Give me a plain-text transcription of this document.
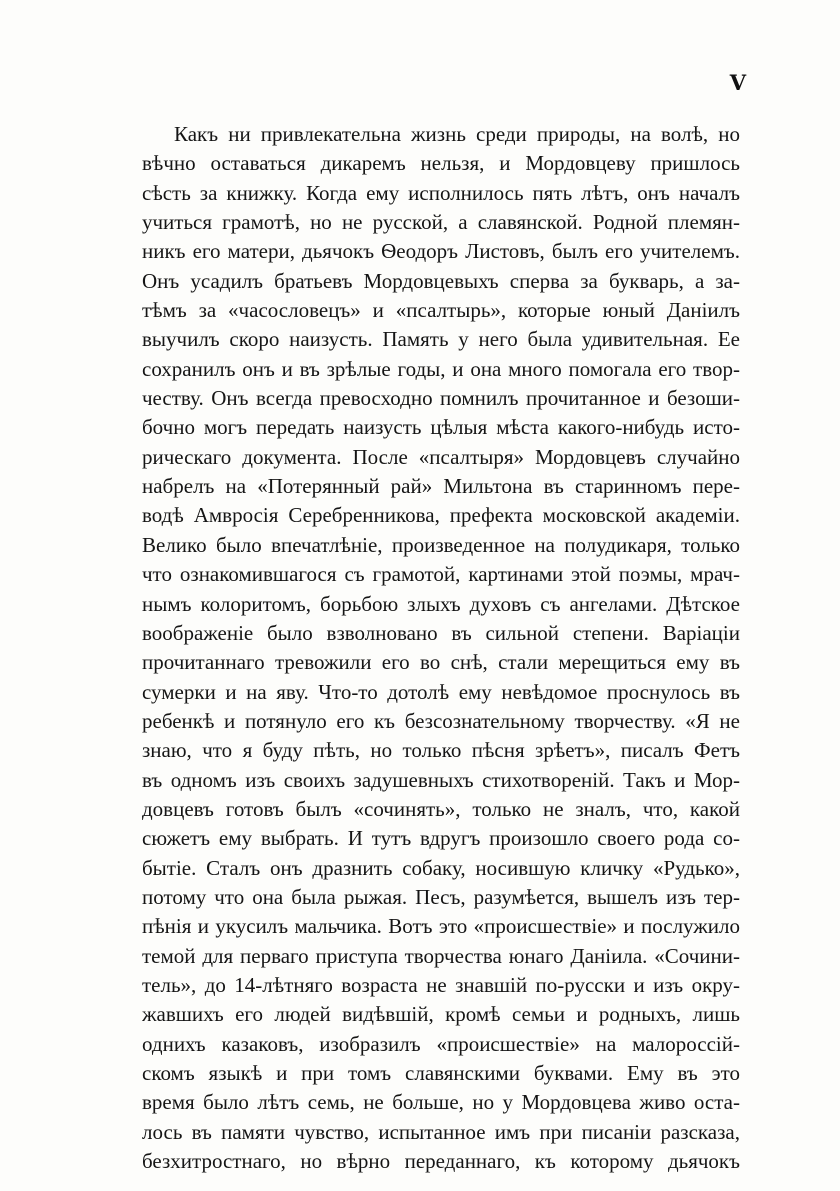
V
Какъ ни привлекательна жизнь среди природы, на волѣ, но
вѣчно оставаться дикаремъ нельзя, и Мордовцеву пришлось
сѣсть за книжку. Когда ему исполнилось пять лѣтъ, онъ началъ
учиться грамотѣ, но не русской, а славянской. Родной племян-
никъ его матери, дьячокъ Ѳеодоръ Листовъ, былъ его учителемъ.
Онъ усадилъ братьевъ Мордовцевыхъ сперва за букварь, а за-
тѣмъ за «часословецъ» и «псалтырь», которые юный Даніилъ
выучилъ скоро наизусть. Память у него была удивительная. Ее
сохранилъ онъ и въ зрѣлые годы, и она много помогала его твор-
честву. Онъ всегда превосходно помнилъ прочитанное и безоши-
бочно могъ передать наизусть цѣлыя мѣста какого-нибудь исто-
рическаго документа. После «псалтыря» Мордовцевъ случайно
набрелъ на «Потерянный рай» Мильтона въ старинномъ пере-
водѣ Амвросія Серебренникова, префекта московской академіи.
Велико было впечатлѣніе, произведенное на полудикаря, только
что ознакомившагося съ грамотой, картинами этой поэмы, мрач-
нымъ колоритомъ, борьбою злыхъ духовъ съ ангелами. Дѣтское
воображеніе было взволновано въ сильной степени. Варіаціи
прочитаннаго тревожили его во снѣ, стали мерещиться ему въ
сумерки и на яву. Что-то дотолѣ ему невѣдомое проснулось въ
ребенкѣ и потянуло его къ безсознательному творчеству. «Я не
знаю, что я буду пѣть, но только пѣсня зрѣетъ», писалъ Фетъ
въ одномъ изъ своихъ задушевныхъ стихотвореній. Такъ и Мор-
довцевъ готовъ былъ «сочинять», только не зналъ, что, какой
сюжетъ ему выбрать. И тутъ вдругъ произошло своего рода со-
бытіе. Сталъ онъ дразнить собаку, носившую кличку «Рудько»,
потому что она была рыжая. Песъ, разумѣется, вышелъ изъ тер-
пѣнія и укусилъ мальчика. Вотъ это «происшествіе» и послужило
темой для перваго приступа творчества юнаго Даніила. «Сочини-
тель», до 14-лѣтняго возраста не знавшій по-русски и изъ окру-
жавшихъ его людей видѣвшій, кромѣ семьи и родныхъ, лишь
однихъ казаковъ, изобразилъ «происшествіе» на малороссій-
скомъ языкѣ и при томъ славянскими буквами. Ему въ это
время было лѣтъ семь, не больше, но у Мордовцева живо оста-
лось въ памяти чувство, испытанное имъ при писаніи разсказа,
безхитростнаго, но вѣрно переданнаго, къ которому дьячокъ
